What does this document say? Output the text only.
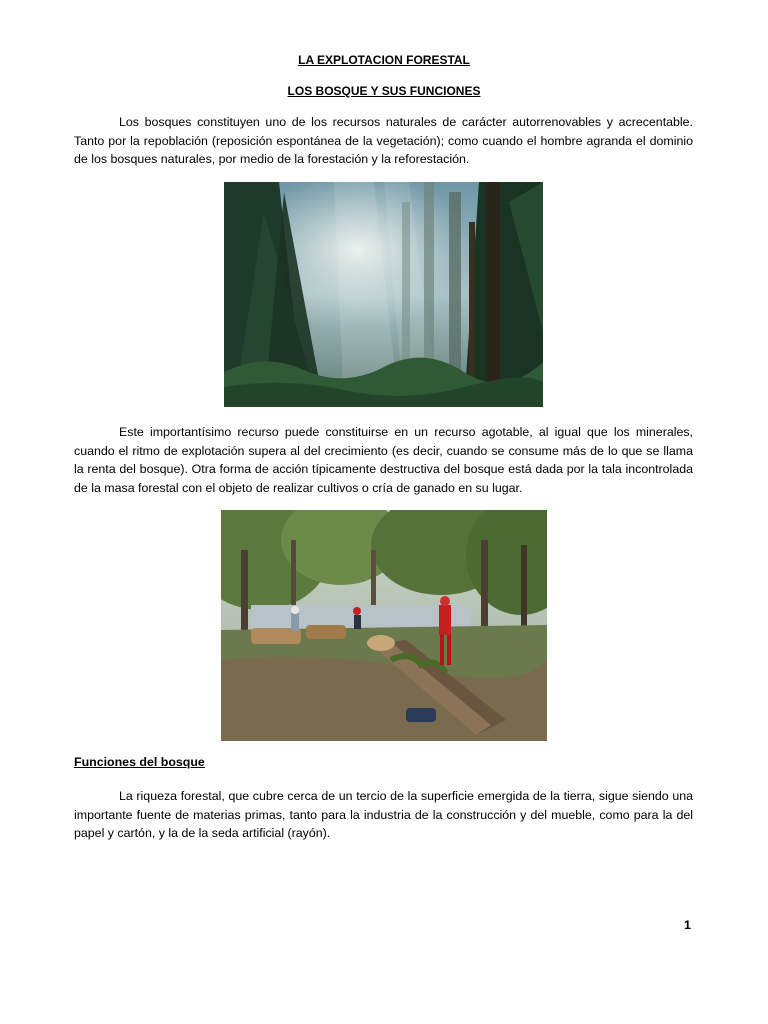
LA EXPLOTACION FORESTAL
LOS BOSQUE Y SUS FUNCIONES

Los bosques constituyen uno de los recursos naturales de carácter autorrenovables y acrecentable. Tanto por la repoblación (reposición espontánea de la vegetación); como cuando el hombre agranda el dominio de los bosques naturales, por medio de la forestación y la reforestación.

Este importantísimo recurso puede constituirse en un recurso agotable, al igual que los minerales, cuando el ritmo de explotación supera al del crecimiento (es decir, cuando se consume más de lo que se llama la renta del bosque). Otra forma de acción típicamente destructiva del bosque está dada por la tala incontrolada de la masa forestal con el objeto de realizar cultivos o cría de ganado en su lugar.

Funciones del bosque

La riqueza forestal, que cubre cerca de un tercio de la superficie emergida de la tierra, sigue siendo una importante fuente de materias primas, tanto para la industria de la construcción y del mueble, como para la del papel y cartón, y la de la seda artificial (rayón).

1
